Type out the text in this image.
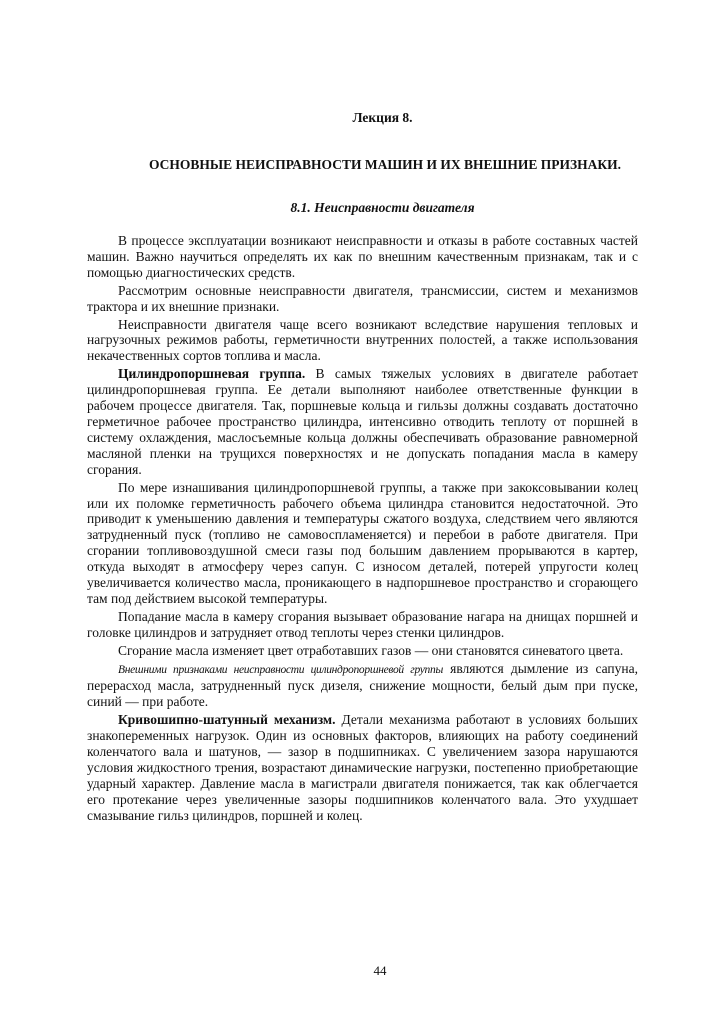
Лекция 8.
ОСНОВНЫЕ НЕИСПРАВНОСТИ МАШИН И ИХ ВНЕШНИЕ ПРИЗНАКИ.
8.1. Неисправности двигателя

В процессе эксплуатации возникают неисправности и отказы в работе составных частей машин. Важно научиться определять их как по внешним качественным признакам, так и с помощью диагностических средств.

Рассмотрим основные неисправности двигателя, трансмиссии, систем и механизмов трактора и их внешние признаки.

Неисправности двигателя чаще всего возникают вследствие нарушения тепловых и нагрузочных режимов работы, герметичности внутренних полостей, а также использования некачественных сортов топлива и масла.

Цилиндропоршневая группа. В самых тяжелых условиях в двигателе работает цилиндропоршневая группа. Ее детали выполняют наиболее ответственные функции в рабочем процессе двигателя. Так, поршневые кольца и гильзы должны создавать достаточно герметичное рабочее пространство цилиндра, интенсивно отводить теплоту от поршней в систему охлаждения, маслосъемные кольца должны обеспечивать образование равномерной масляной пленки на трущихся поверхностях и не допускать попадания масла в камеру сгорания.

По мере изнашивания цилиндропоршневой группы, а также при закоксовывании колец или их поломке герметичность рабочего объема цилиндра становится недостаточной. Это приводит к уменьшению давления и температуры сжатого воздуха, следствием чего являются затрудненный пуск (топливо не самовоспламеняется) и перебои в работе двигателя. При сгорании топливовоздушной смеси газы под большим давлением прорываются в картер, откуда выходят в атмосферу через сапун. С износом деталей, потерей упругости колец увеличивается количество масла, проникающего в надпоршневое пространство и сгорающего там под действием высокой температуры.

Попадание масла в камеру сгорания вызывает образование нагара на днищах поршней и головке цилиндров и затрудняет отвод теплоты через стенки цилиндров.

Сгорание масла изменяет цвет отработавших газов — они становятся синеватого цвета.

Внешними признаками неисправности цилиндропоршневой группы являются дымление из сапуна, перерасход масла, затрудненный пуск дизеля, снижение мощности, белый дым при пуске, синий — при работе.

Кривошипно-шатунный механизм. Детали механизма работают в условиях больших знакопеременных нагрузок. Один из основных факторов, влияющих на работу соединений коленчатого вала и шатунов, — зазор в подшипниках. С увеличением зазора нарушаются условия жидкостного трения, возрастают динамические нагрузки, постепенно приобретающие ударный характер. Давление масла в магистрали двигателя понижается, так как облегчается его протекание через увеличенные зазоры подшипников коленчатого вала. Это ухудшает смазывание гильз цилиндров, поршней и колец.

44
